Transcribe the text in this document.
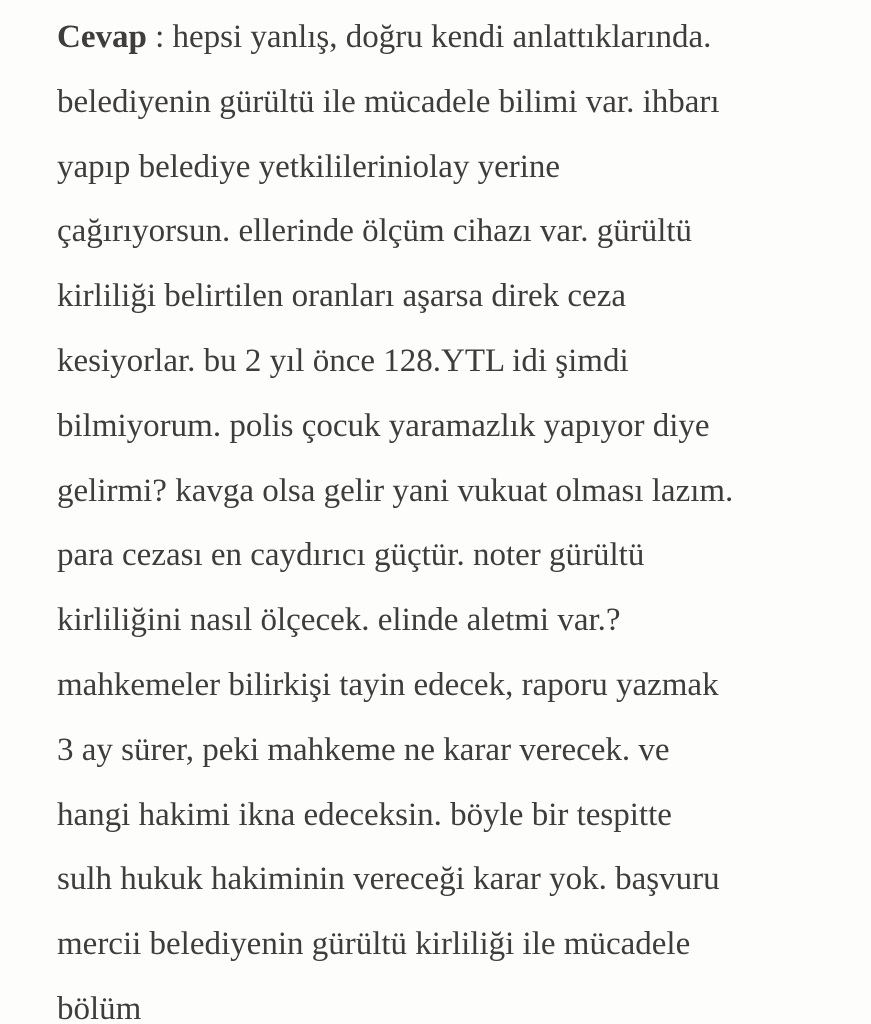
Cevap : hepsi yanlış, doğru kendi anlattıklarında.
belediyenin gürültü ile mücadele bilimi var. ihbarı
yapıp belediye yetkilileriniolay yerine
çağırıyorsun. ellerinde ölçüm cihazı var. gürültü
kirliliği belirtilen oranları aşarsa direk ceza
kesiyorlar. bu 2 yıl önce 128.YTL idi şimdi
bilmiyorum. polis çocuk yaramazlık yapıyor diye
gelirmi? kavga olsa gelir yani vukuat olması lazım.
para cezası en caydırıcı güçtür. noter gürültü
kirliliğini nasıl ölçecek. elinde aletmi var.?
mahkemeler bilirkişi tayin edecek, raporu yazmak
3 ay sürer, peki mahkeme ne karar verecek. ve
hangi hakimi ikna edeceksin. böyle bir tespitte
sulh hukuk hakiminin vereceği karar yok. başvuru
mercii belediyenin gürültü kirliliği ile mücadele
bölüm
